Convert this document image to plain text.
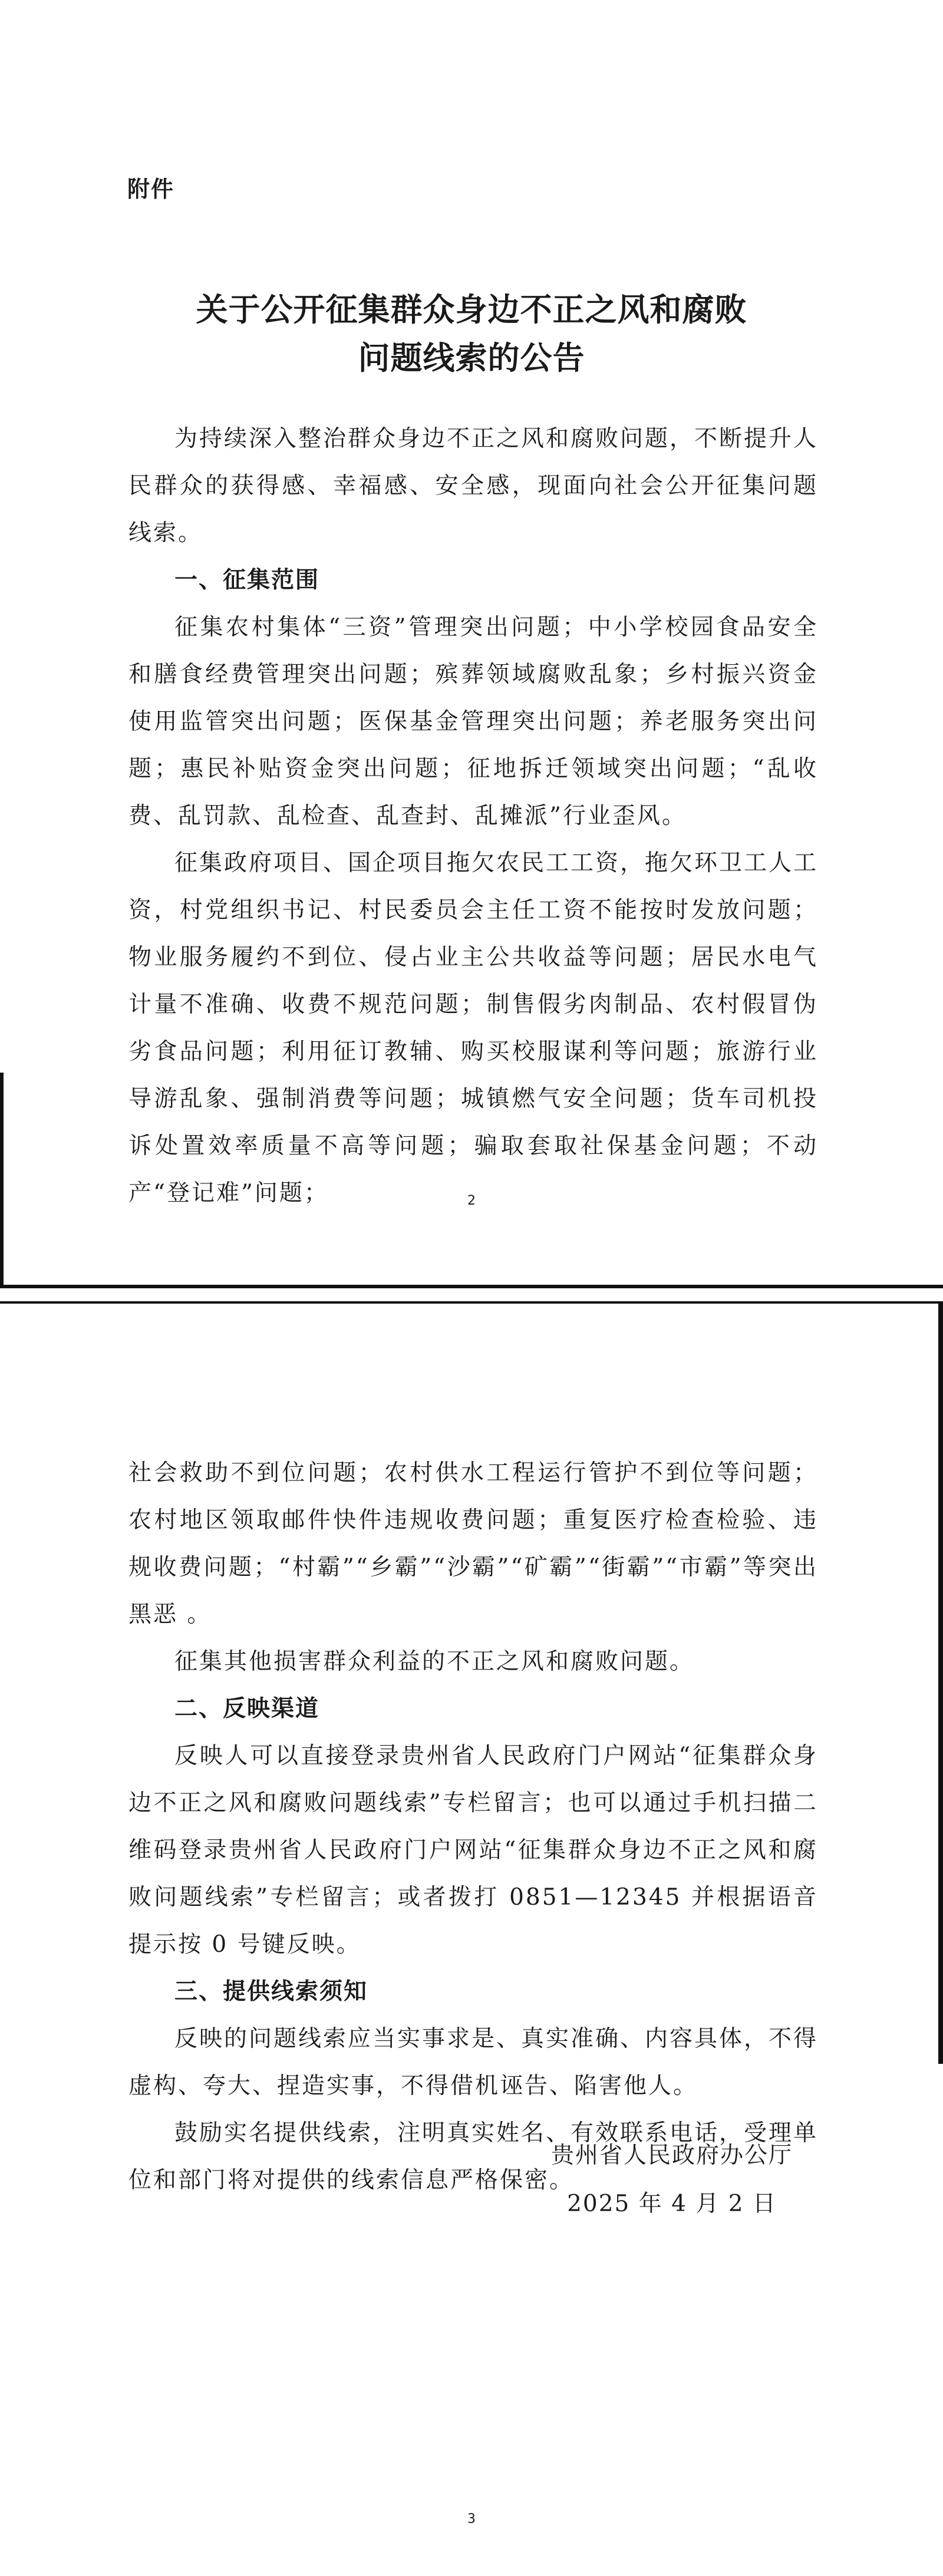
附件
关于公开征集群众身边不正之风和腐败
问题线索的公告

为持续深入整治群众身边不正之风和腐败问题，不断提升人民群众的获得感、幸福感、安全感，现面向社会公开征集问题线索。

一、征集范围

征集农村集体“三资”管理突出问题；中小学校园食品安全和膳食经费管理突出问题；殡葬领域腐败乱象；乡村振兴资金使用监管突出问题；医保基金管理突出问题；养老服务突出问题；惠民补贴资金突出问题；征地拆迁领域突出问题；“乱收费、乱罚款、乱检查、乱查封、乱摊派”行业歪风。

征集政府项目、国企项目拖欠农民工工资，拖欠环卫工人工资，村党组织书记、村民委员会主任工资不能按时发放问题；物业服务履约不到位、侵占业主公共收益等问题；居民水电气计量不准确、收费不规范问题；制售假劣肉制品、农村假冒伪劣食品问题；利用征订教辅、购买校服谋利等问题；旅游行业导游乱象、强制消费等问题；城镇燃气安全问题；货车司机投诉处置效率质量不高等问题；骗取套取社保基金问题；不动产“登记难”问题；	2

社会救助不到位问题；农村供水工程运行管护不到位等问题；农村地区领取邮件快件违规收费问题；重复医疗检查检验、违规收费问题；“村霸”“乡霸”“沙霸”“矿霸”“街霸”“市霸”等突出黑恶 。

征集其他损害群众利益的不正之风和腐败问题。

二、反映渠道

反映人可以直接登录贵州省人民政府门户网站“征集群众身边不正之风和腐败问题线索”专栏留言；也可以通过手机扫描二维码登录贵州省人民政府门户网站“征集群众身边不正之风和腐败问题线索”专栏留言；或者拨打 0851—12345 并根据语音提示按 0 号键反映。

三、提供线索须知

反映的问题线索应当实事求是、真实准确、内容具体，不得虚构、夸大、捏造实事，不得借机诬告、陷害他人。

鼓励实名提供线索，注明真实姓名、有效联系电话，受理单位和部门将对提供的线索信息严格保密。

贵州省人民政府办公厅
2025 年 4 月 2 日
3
